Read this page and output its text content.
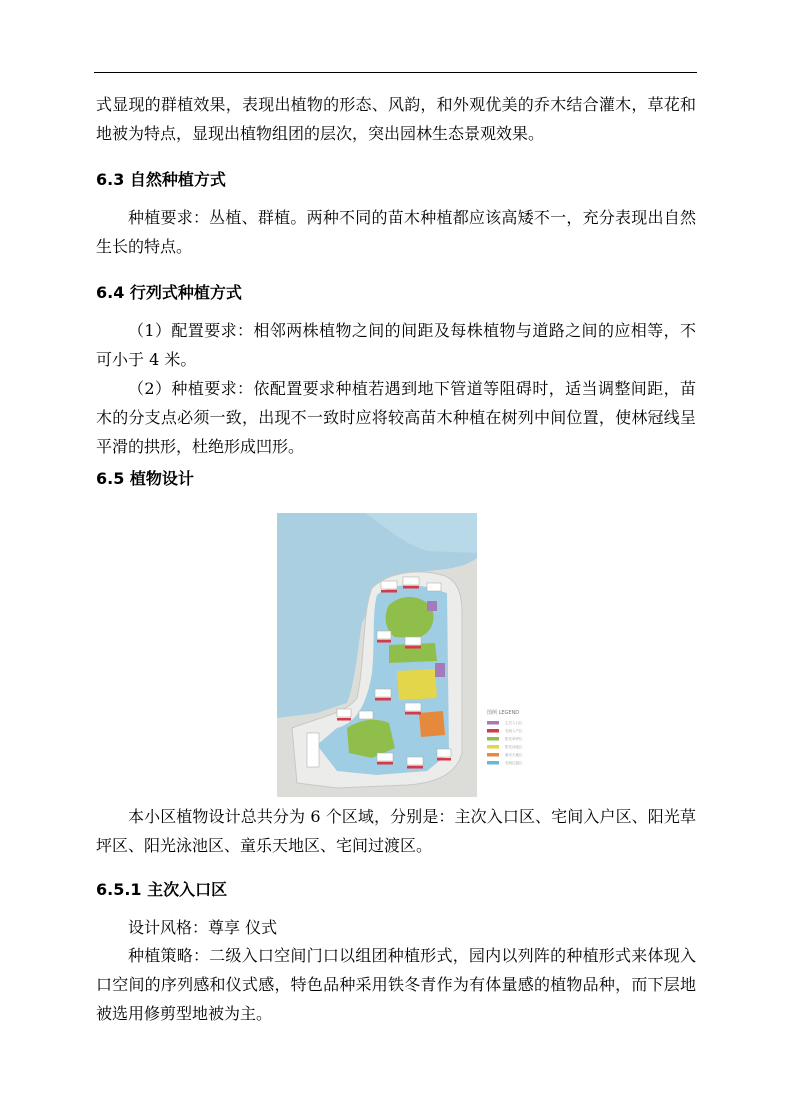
式显现的群植效果，表现出植物的形态、风韵，和外观优美的乔木结合灌木，草花和地被为特点，显现出植物组团的层次，突出园林生态景观效果。

6.3 自然种植方式

种植要求：丛植、群植。两种不同的苗木种植都应该高矮不一，充分表现出自然生长的特点。

6.4 行列式种植方式

（1）配置要求：相邻两株植物之间的间距及每株植物与道路之间的应相等，不可小于 4 米。

（2）种植要求：依配置要求种植若遇到地下管道等阻碍时，适当调整间距，苗木的分支点必须一致，出现不一致时应将较高苗木种植在树列中间位置，使林冠线呈平滑的拱形，杜绝形成凹形。

6.5 植物设计
图例 LEGEND
主次入口区
宅间入户区
阳光草坪区
阳光泳池区
童乐天地区
宅间过渡区

本小区植物设计总共分为 6 个区域，分别是：主次入口区、宅间入户区、阳光草坪区、阳光泳池区、童乐天地区、宅间过渡区。

6.5.1 主次入口区

设计风格：尊享 仪式

种植策略：二级入口空间门口以组团种植形式，园内以列阵的种植形式来体现入口空间的序列感和仪式感，特色品种采用铁冬青作为有体量感的植物品种，而下层地被选用修剪型地被为主。
